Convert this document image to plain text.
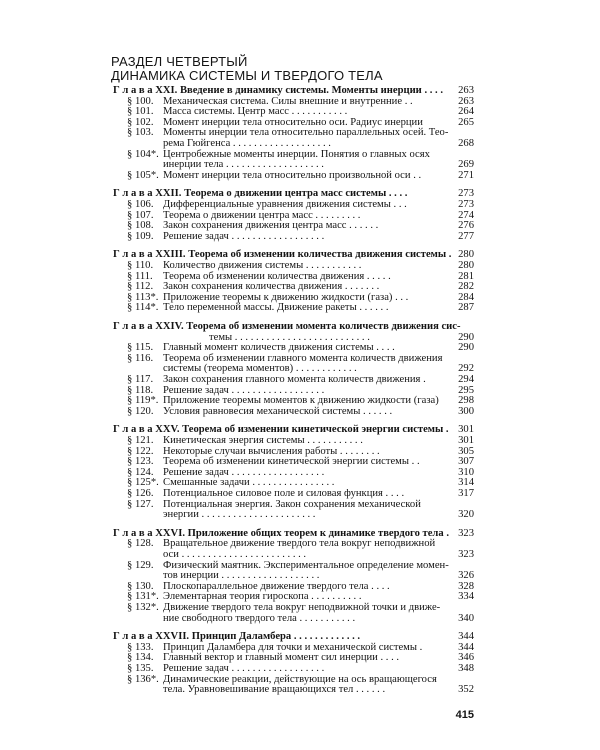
РАЗДЕЛ ЧЕТВЕРТЫЙ
ДИНАМИКА СИСТЕМЫ И ТВЕРДОГО ТЕЛА
Г л а в а XXI. Введение в динамику системы. Моменты инерции . . . .	263
§ 100. Механическая система. Силы внешние и внутренние . .	263
§ 101. Масса системы. Центр масс . . . . . . . . . . .	264
§ 102. Момент инерции тела относительно оси. Радиус инерции	265
§ 103. Моменты инерции тела относительно параллельных осей. Тео-
рема Гюйгенса . . . . . . . . . . . . . . . . . . .	268
§ 104*. Центробежные моменты инерции. Понятия о главных осях
инерции тела . . . . . . . . . . . . . . . . . . .	269
§ 105*. Момент инерции тела относительно произвольной оси . .	271
Г л а в а XXII. Теорема о движении центра масс системы . . . .	273
§ 106. Дифференциальные уравнения движения системы . . .	273
§ 107. Теорема о движении центра масс . . . . . . . . .	274
§ 108. Закон сохранения движения центра масс . . . . . .	276
§ 109. Решение задач . . . . . . . . . . . . . . . . . .	277
Г л а в а XXIII. Теорема об изменении количества движения системы . 280
§ 110. Количество движения системы . . . . . . . . . . .	280
§ 111. Теорема об изменении количества движения . . . . .	281
§ 112. Закон сохранения количества движения . . . . . . .	282
§ 113*. Приложение теоремы к движению жидкости (газа) . . .	284
§ 114*. Тело переменной массы. Движение ракеты . . . . . .	287
Г л а в а XXIV. Теорема об изменении момента количеств движения сис-
темы . . . . . . . . . . . . . . . . . . . . . . . . . .	290
§ 115. Главный момент количеств движения системы . . . .	290
§ 116. Теорема об изменении главного момента количеств движения
системы (теорема моментов) . . . . . . . . . . . .	292
§ 117. Закон сохранения главного момента количеств движения .	294
§ 118. Решение задач . . . . . . . . . . . . . . . . . .	295
§ 119*. Приложение теоремы моментов к движению жидкости (газа)	298
§ 120. Условия равновесия механической системы . . . . . .	300
Г л а в а XXV. Теорема об изменении кинетической энергии системы . 301
§ 121. Кинетическая энергия системы . . . . . . . . . . .	301
§ 122. Некоторые случаи вычисления работы . . . . . . . .	305
§ 123. Теорема об изменении кинетической энергии системы . .	307
§ 124. Решение задач . . . . . . . . . . . . . . . . . .	310
§ 125*. Смешанные задачи . . . . . . . . . . . . . . . .	314
§ 126. Потенциальное силовое поле и силовая функция . . . .	317
§ 127. Потенциальная энергия. Закон сохранения механической
энергии . . . . . . . . . . . . . . . . . . . . . .	320
Г л а в а XXVI. Приложение общих теорем к динамике твердого тела . 323
§ 128. Вращательное движение твердого тела вокруг неподвижной
оси . . . . . . . . . . . . . . . . . . . . . . . .	323
§ 129. Физический маятник. Экспериментальное определение момен-
тов инерции . . . . . . . . . . . . . . . . . . .	326
§ 130. Плоскопараллельное движение твердого тела . . . .	328
§ 131*. Элементарная теория гироскопа . . . . . . . . . .	334
§ 132*. Движение твердого тела вокруг неподвижной точки и движе-
ние свободного твердого тела . . . . . . . . . . .	340
Г л а в а XXVII. Принцип Даламбера . . . . . . . . . . . . .	344
§ 133. Принцип Даламбера для точки и механической системы .	344
§ 134. Главный вектор и главный момент сил инерции . . . .	346
§ 135. Решение задач . . . . . . . . . . . . . . . . . .	348
§ 136*. Динамические реакции, действующие на ось вращающегося
тела. Уравновешивание вращающихся тел . . . . . .	352
415
